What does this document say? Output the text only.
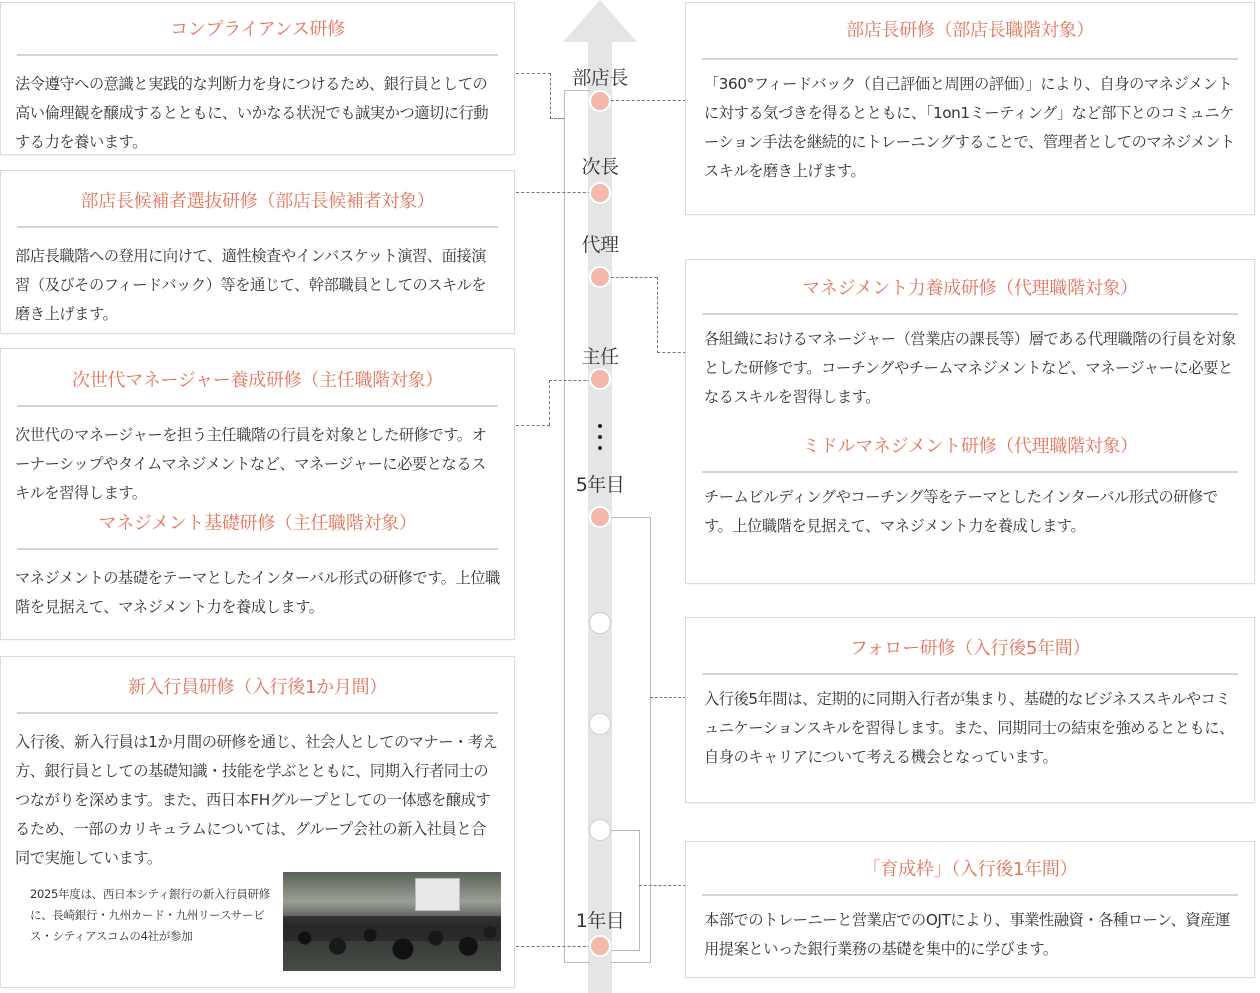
部店長
次長
代理
主任
5年目
1年目
コンプライアンス研修
法令遵守への意識と実践的な判断力を身につけるため、銀行員としての高い倫理観を醸成するとともに、いかなる状況でも誠実かつ適切に行動する力を養います。
部店長候補者選抜研修（部店長候補者対象）
部店長職階への登用に向けて、適性検査やインバスケット演習、面接演習（及びそのフィードバック）等を通じて、幹部職員としてのスキルを磨き上げます。
次世代マネージャー養成研修（主任職階対象）
次世代のマネージャーを担う主任職階の行員を対象とした研修です。オーナーシップやタイムマネジメントなど、マネージャーに必要となるスキルを習得します。
マネジメント基礎研修（主任職階対象）
マネジメントの基礎をテーマとしたインターバル形式の研修です。上位職階を見据えて、マネジメント力を養成します。
新入行員研修（入行後1か月間）
入行後、新入行員は1か月間の研修を通じ、社会人としてのマナー・考え方、銀行員としての基礎知識・技能を学ぶとともに、同期入行者同士のつながりを深めます。また、西日本FHグループとしての一体感を醸成するため、一部のカリキュラムについては、グループ会社の新入社員と合同で実施しています。
2025年度は、西日本シティ銀行の新入行員研修に、長崎銀行・九州カード・九州リースサービス・シティアスコムの4社が参加
部店長研修（部店長職階対象）
「360°フィードバック（自己評価と周囲の評価）」により、自身のマネジメントに対する気づきを得るとともに、「1on1ミーティング」など部下とのコミュニケーション手法を継続的にトレーニングすることで、管理者としてのマネジメントスキルを磨き上げます。
マネジメント力養成研修（代理職階対象）
各組織におけるマネージャー（営業店の課長等）層である代理職階の行員を対象とした研修です。コーチングやチームマネジメントなど、マネージャーに必要となるスキルを習得します。
ミドルマネジメント研修（代理職階対象）
チームビルディングやコーチング等をテーマとしたインターバル形式の研修です。上位職階を見据えて、マネジメント力を養成します。
フォロー研修（入行後5年間）
入行後5年間は、定期的に同期入行者が集まり、基礎的なビジネススキルやコミュニケーションスキルを習得します。また、同期同士の結束を強めるとともに、自身のキャリアについて考える機会となっています。
「育成枠」（入行後1年間）
本部でのトレーニーと営業店でのOJTにより、事業性融資・各種ローン、資産運用提案といった銀行業務の基礎を集中的に学びます。
